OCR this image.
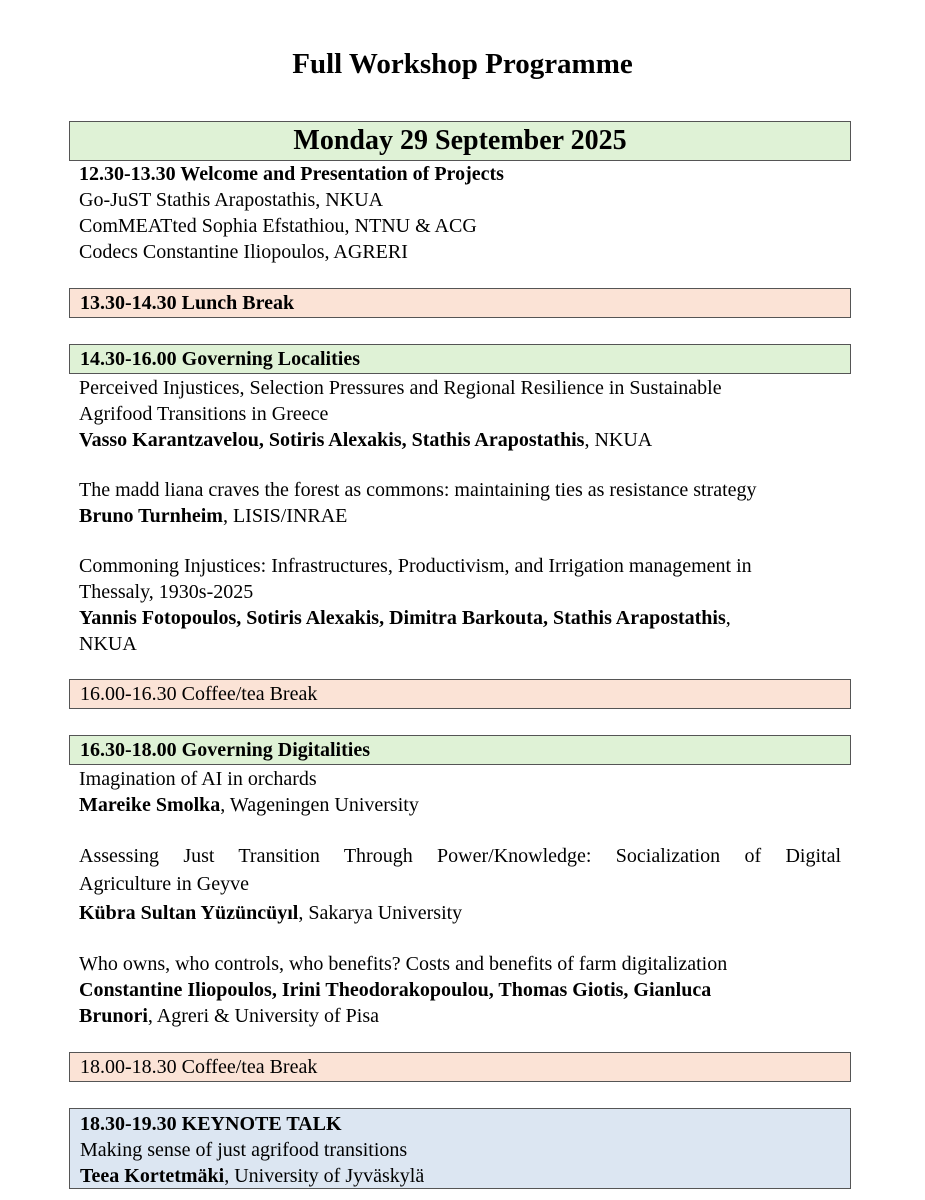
Full Workshop Programme
Monday 29 September 2025
12.30-13.30 Welcome and Presentation of Projects
Go-JuST Stathis Arapostathis, NKUA
ComMEATted Sophia Efstathiou, NTNU & ACG
Codecs Constantine Iliopoulos, AGRERI
13.30-14.30 Lunch Break
14.30-16.00 Governing Localities
Perceived Injustices, Selection Pressures and Regional Resilience in Sustainable
Agrifood Transitions in Greece
Vasso Karantzavelou, Sotiris Alexakis, Stathis Arapostathis, NKUA
The madd liana craves the forest as commons: maintaining ties as resistance strategy
Bruno Turnheim, LISIS/INRAE
Commoning Injustices: Infrastructures, Productivism, and Irrigation management in
Thessaly, 1930s-2025
Yannis Fotopoulos, Sotiris Alexakis, Dimitra Barkouta, Stathis Arapostathis,
NKUA
16.00-16.30 Coffee/tea Break
16.30-18.00 Governing Digitalities
Imagination of AI in orchards
Mareike Smolka, Wageningen University
Assessing Just Transition Through Power/Knowledge: Socialization of Digital
Agriculture in Geyve
Kübra Sultan Yüzüncüyıl, Sakarya University
Who owns, who controls, who benefits? Costs and benefits of farm digitalization
Constantine Iliopoulos, Irini Theodorakopoulou, Thomas Giotis, Gianluca
Brunori, Agreri & University of Pisa
18.00-18.30 Coffee/tea Break
18.30-19.30 KEYNOTE TALK
Making sense of just agrifood transitions
Teea Kortetmäki, University of Jyväskylä
